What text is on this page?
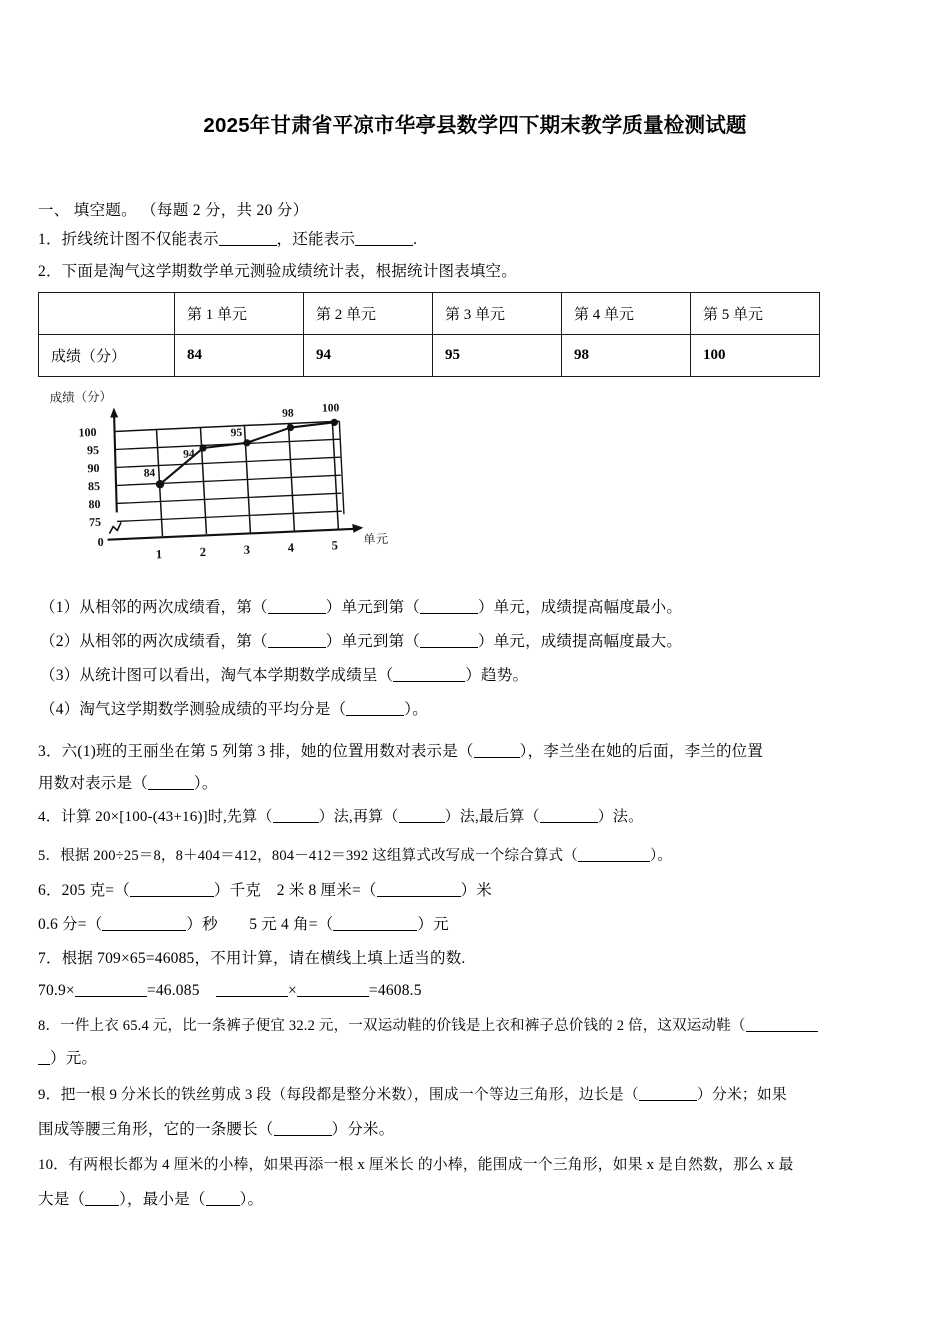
2025年甘肃省平凉市华亭县数学四下期末教学质量检测试题
一、 填空题。 （每题 2 分，共 20 分）
1．折线统计图不仅能表示	，还能表示	.
2．下面是淘气这学期数学单元测验成绩统计表，根据统计图表填空。
	第 1 单元	第 2 单元	第 3 单元	第 4 单元	第 5 单元
成绩（分）	84	94	95	98	100
成绩（分）
84
94
95
98 100
100
95
90
85
80
75
0
1	2	3	4	5 单元
（1）从相邻的两次成绩看，第（	）单元到第（	）单元，成绩提高幅度最小。
（2）从相邻的两次成绩看，第（	）单元到第（	）单元，成绩提高幅度最大。
（3）从统计图可以看出，淘气本学期数学成绩呈（	）趋势。
（4）淘气这学期数学测验成绩的平均分是（	）。
3．六(1)班的王丽坐在第 5 列第 3 排，她的位置用数对表示是（	），李兰坐在她的后面，李兰的位置
用数对表示是（	）。
4．计算 20×[100-(43+16)]时,先算（	）法,再算（	）法,最后算（	）法。
5．根据 200÷25＝8，8＋404＝412，804－412＝392 这组算式改写成一个综合算式（	）。
6．205 克=（	）千克　2 米 8 厘米=（	）米
0.6 分=（	）秒　　5 元 4 角=（	）元
7．根据 709×65=46085，不用计算，请在横线上填上适当的数.
70.9×	=46.085	×	=4608.5
8．一件上衣 65.4 元，比一条裤子便宜 32.2 元，一双运动鞋的价钱是上衣和裤子总价钱的 2 倍，这双运动鞋（
）元。
9．把一根 9 分米长的铁丝剪成 3 段（每段都是整分米数），围成一个等边三角形，边长是（	）分米；如果
围成等腰三角形，它的一条腰长（	）分米。
10．有两根长都为 4 厘米的小棒，如果再添一根 x 厘米长 的小棒，能围成一个三角形，如果 x 是自然数，那么 x 最
大是（ ），最小是（ ）。
